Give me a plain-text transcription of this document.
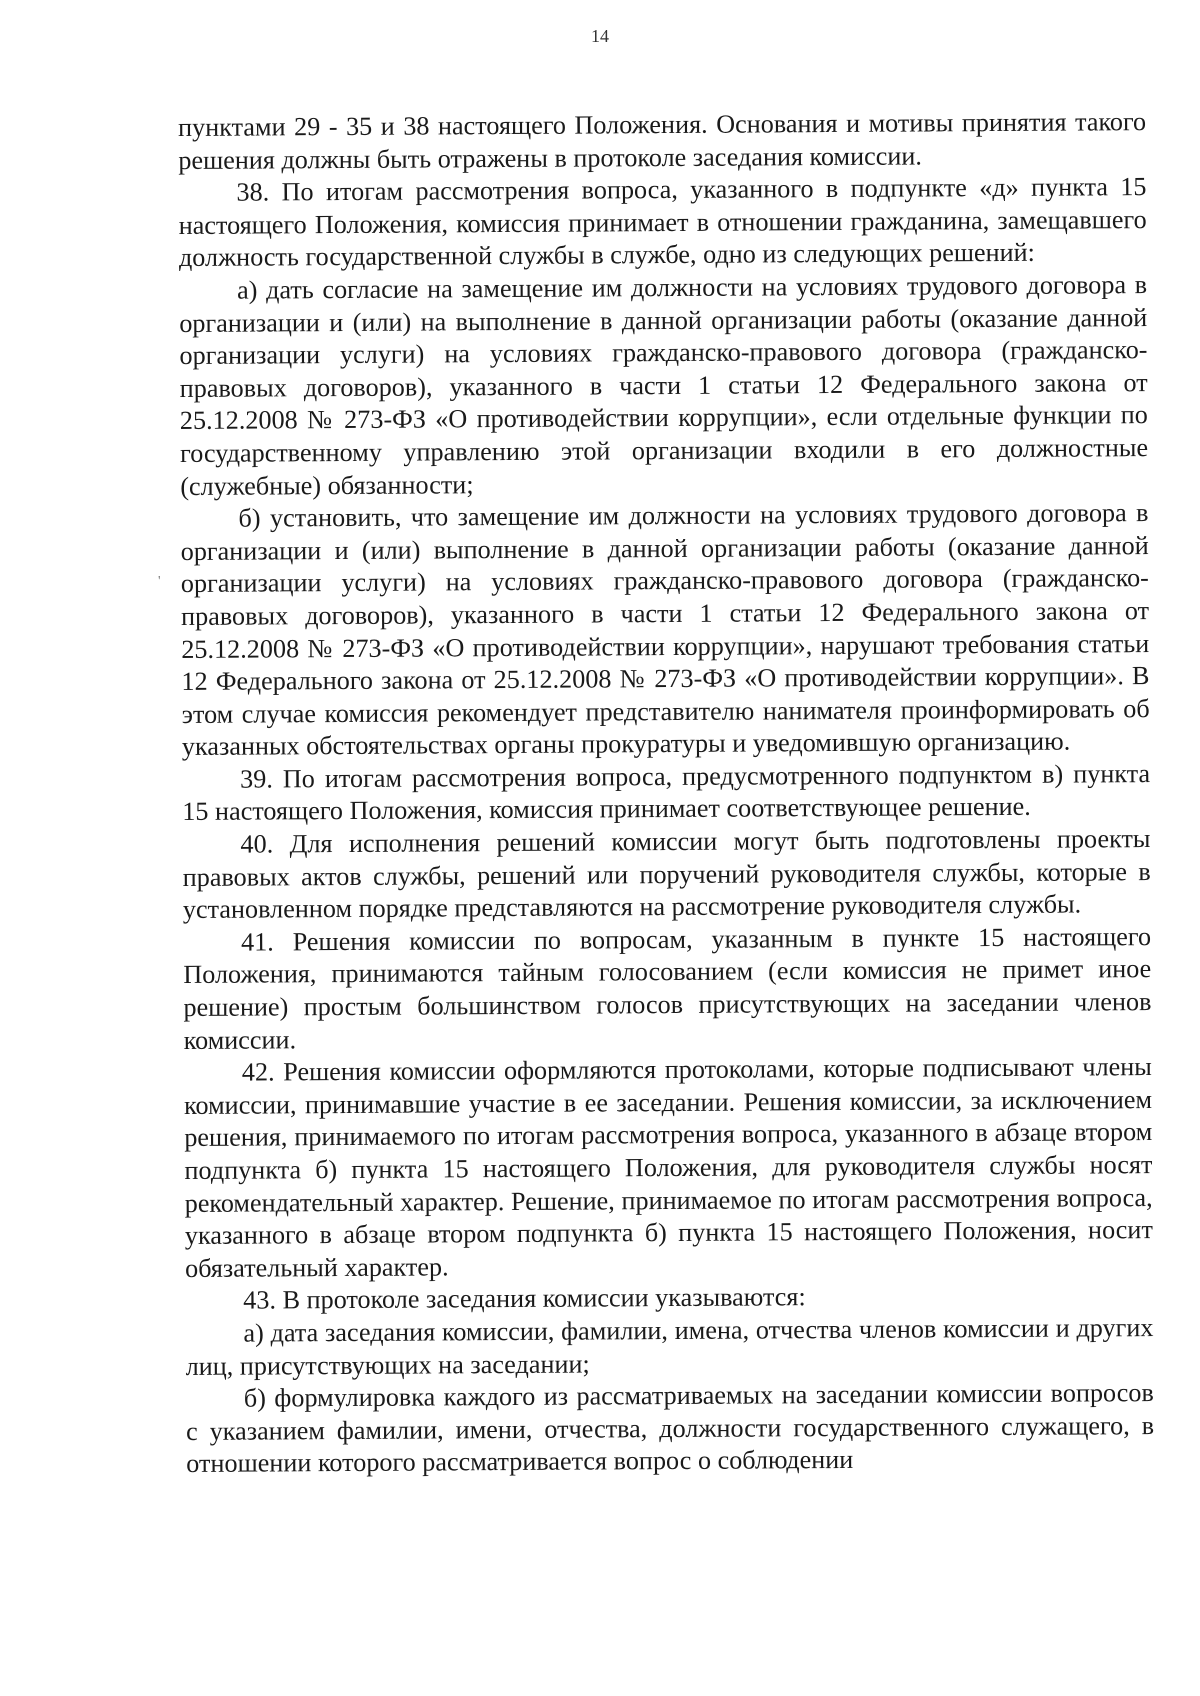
14
'

пунктами 29 - 35 и 38 настоящего Положения. Основания и мотивы принятия такого решения должны быть отражены в протоколе заседания комиссии.

38. По итогам рассмотрения вопроса, указанного в подпункте «д» пункта 15 настоящего Положения, комиссия принимает в отношении гражданина, замещавшего должность государственной службы в службе, одно из следующих решений:

а) дать согласие на замещение им должности на условиях трудового договора в организации и (или) на выполнение в данной организации работы (оказание данной организации услуги) на условиях гражданско-правового договора (гражданско-правовых договоров), указанного в части 1 статьи 12 Федерального закона от 25.12.2008 № 273-ФЗ «О противодействии коррупции», если отдельные функции по государственному управлению этой организации входили в его должностные (служебные) обязанности;

б) установить, что замещение им должности на условиях трудового договора в организации и (или) выполнение в данной организации работы (оказание данной организации услуги) на условиях гражданско-правового договора (гражданско-правовых договоров), указанного в части 1 статьи 12 Федерального закона от 25.12.2008 № 273-ФЗ «О противодействии коррупции», нарушают требования статьи 12 Федерального закона от 25.12.2008 № 273-ФЗ «О противодействии коррупции». В этом случае комиссия рекомендует представителю нанимателя проинформировать об указанных обстоятельствах органы прокуратуры и уведомившую организацию.

39. По итогам рассмотрения вопроса, предусмотренного подпунктом в) пункта 15 настоящего Положения, комиссия принимает соответствующее решение.

40. Для исполнения решений комиссии могут быть подготовлены проекты правовых актов службы, решений или поручений руководителя службы, которые в установленном порядке представляются на рассмотрение руководителя службы.

41. Решения комиссии по вопросам, указанным в пункте 15 настоящего Положения, принимаются тайным голосованием (если комиссия не примет иное решение) простым большинством голосов присутствующих на заседании членов комиссии.

42. Решения комиссии оформляются протоколами, которые подписывают члены комиссии, принимавшие участие в ее заседании. Решения комиссии, за исключением решения, принимаемого по итогам рассмотрения вопроса, указанного в абзаце втором подпункта б) пункта 15 настоящего Положения, для руководителя службы носят рекомендательный характер. Решение, принимаемое по итогам рассмотрения вопроса, указанного в абзаце втором подпункта б) пункта 15 настоящего Положения, носит обязательный характер.

43. В протоколе заседания комиссии указываются:

а) дата заседания комиссии, фамилии, имена, отчества членов комиссии и других лиц, присутствующих на заседании;

б) формулировка каждого из рассматриваемых на заседании комиссии вопросов с указанием фамилии, имени, отчества, должности государственного служащего, в отношении которого рассматривается вопрос о соблюдении
